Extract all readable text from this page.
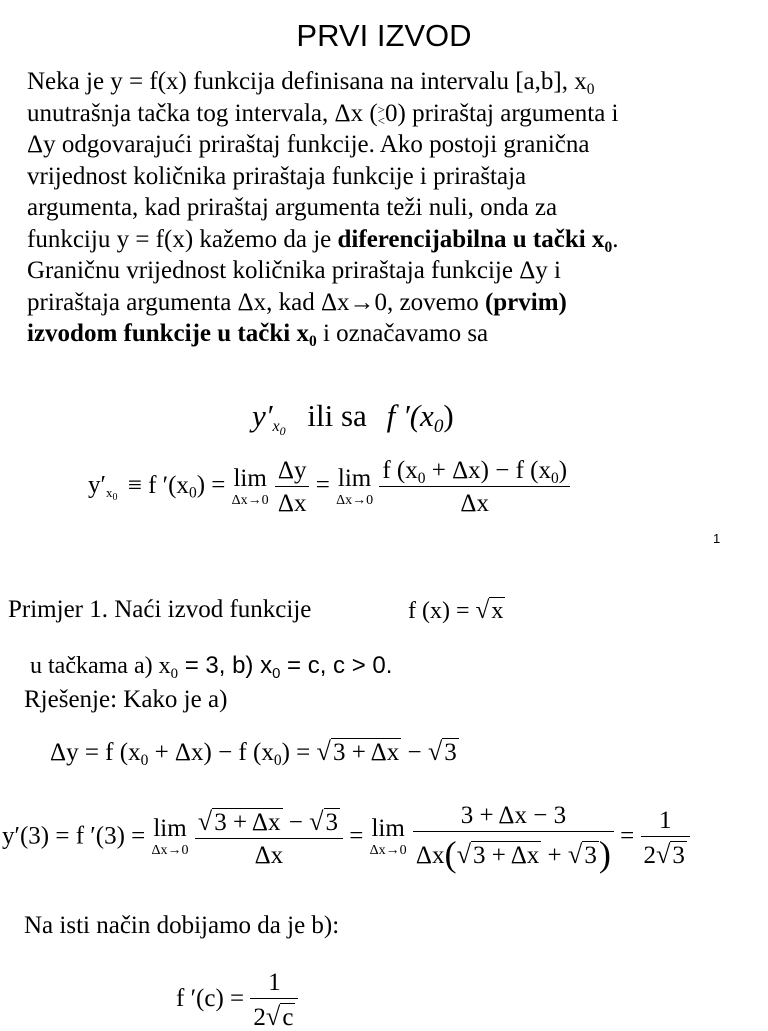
PRVI IZVOD

Neka je y = f(x) funkcija definisana na intervalu [a,b], $x_0$

unutrašnja tačka tog intervala, Δx ( >
< 0) priraštaj argumenta i

Δy odgovarajući priraštaj funkcije. Ako postoji granična

vrijednost količnika priraštaja funkcije i priraštaja

argumenta, kad priraštaj argumenta teži nuli, onda za

funkciju y = f(x) kažemo da je diferencijabilna u tački $x_0$.

Graničnu vrijednost količnika priraštaja funkcije Δy i

priraštaja argumenta Δx, kad Δx→0, zovemo (prvim)

izvodom funkcije u tački $x_0$ i označavamo sa

$y'_{x_0}$ ili sa f $'(x_0)$
$y'_{x_0} \equiv f$ $'(x_0) = \lim$
Δx→0
$\frac{\Delta y}{\Delta x} = \lim$
Δx→0
$\frac{f (x_0 + \Delta x) - f (x_0)}{\Delta x}$
1
Primjer 1. Naći izvod funkcije	f (x) = √x
u tačkama a) $x_0 = 3$, b) $x_0 = c$, c > 0.
Rješenje: Kako je a)
Δy = f $(x_0 + \Delta x) - f$ $(x_0) = √3 + \Delta x - √3$
y′(3) = f ′(3) = lim
Δx→0
$\frac{√3 + \Delta x - √3}{\Delta x} = \lim$
Δx→0
$\frac{3 + \Delta x - 3}{\Delta x(√3 + \Delta x + √3)} = \frac{1}{2√3}$
Na isti način dobijamo da je b):
f $'(c) = \frac{1}{2√c}$
